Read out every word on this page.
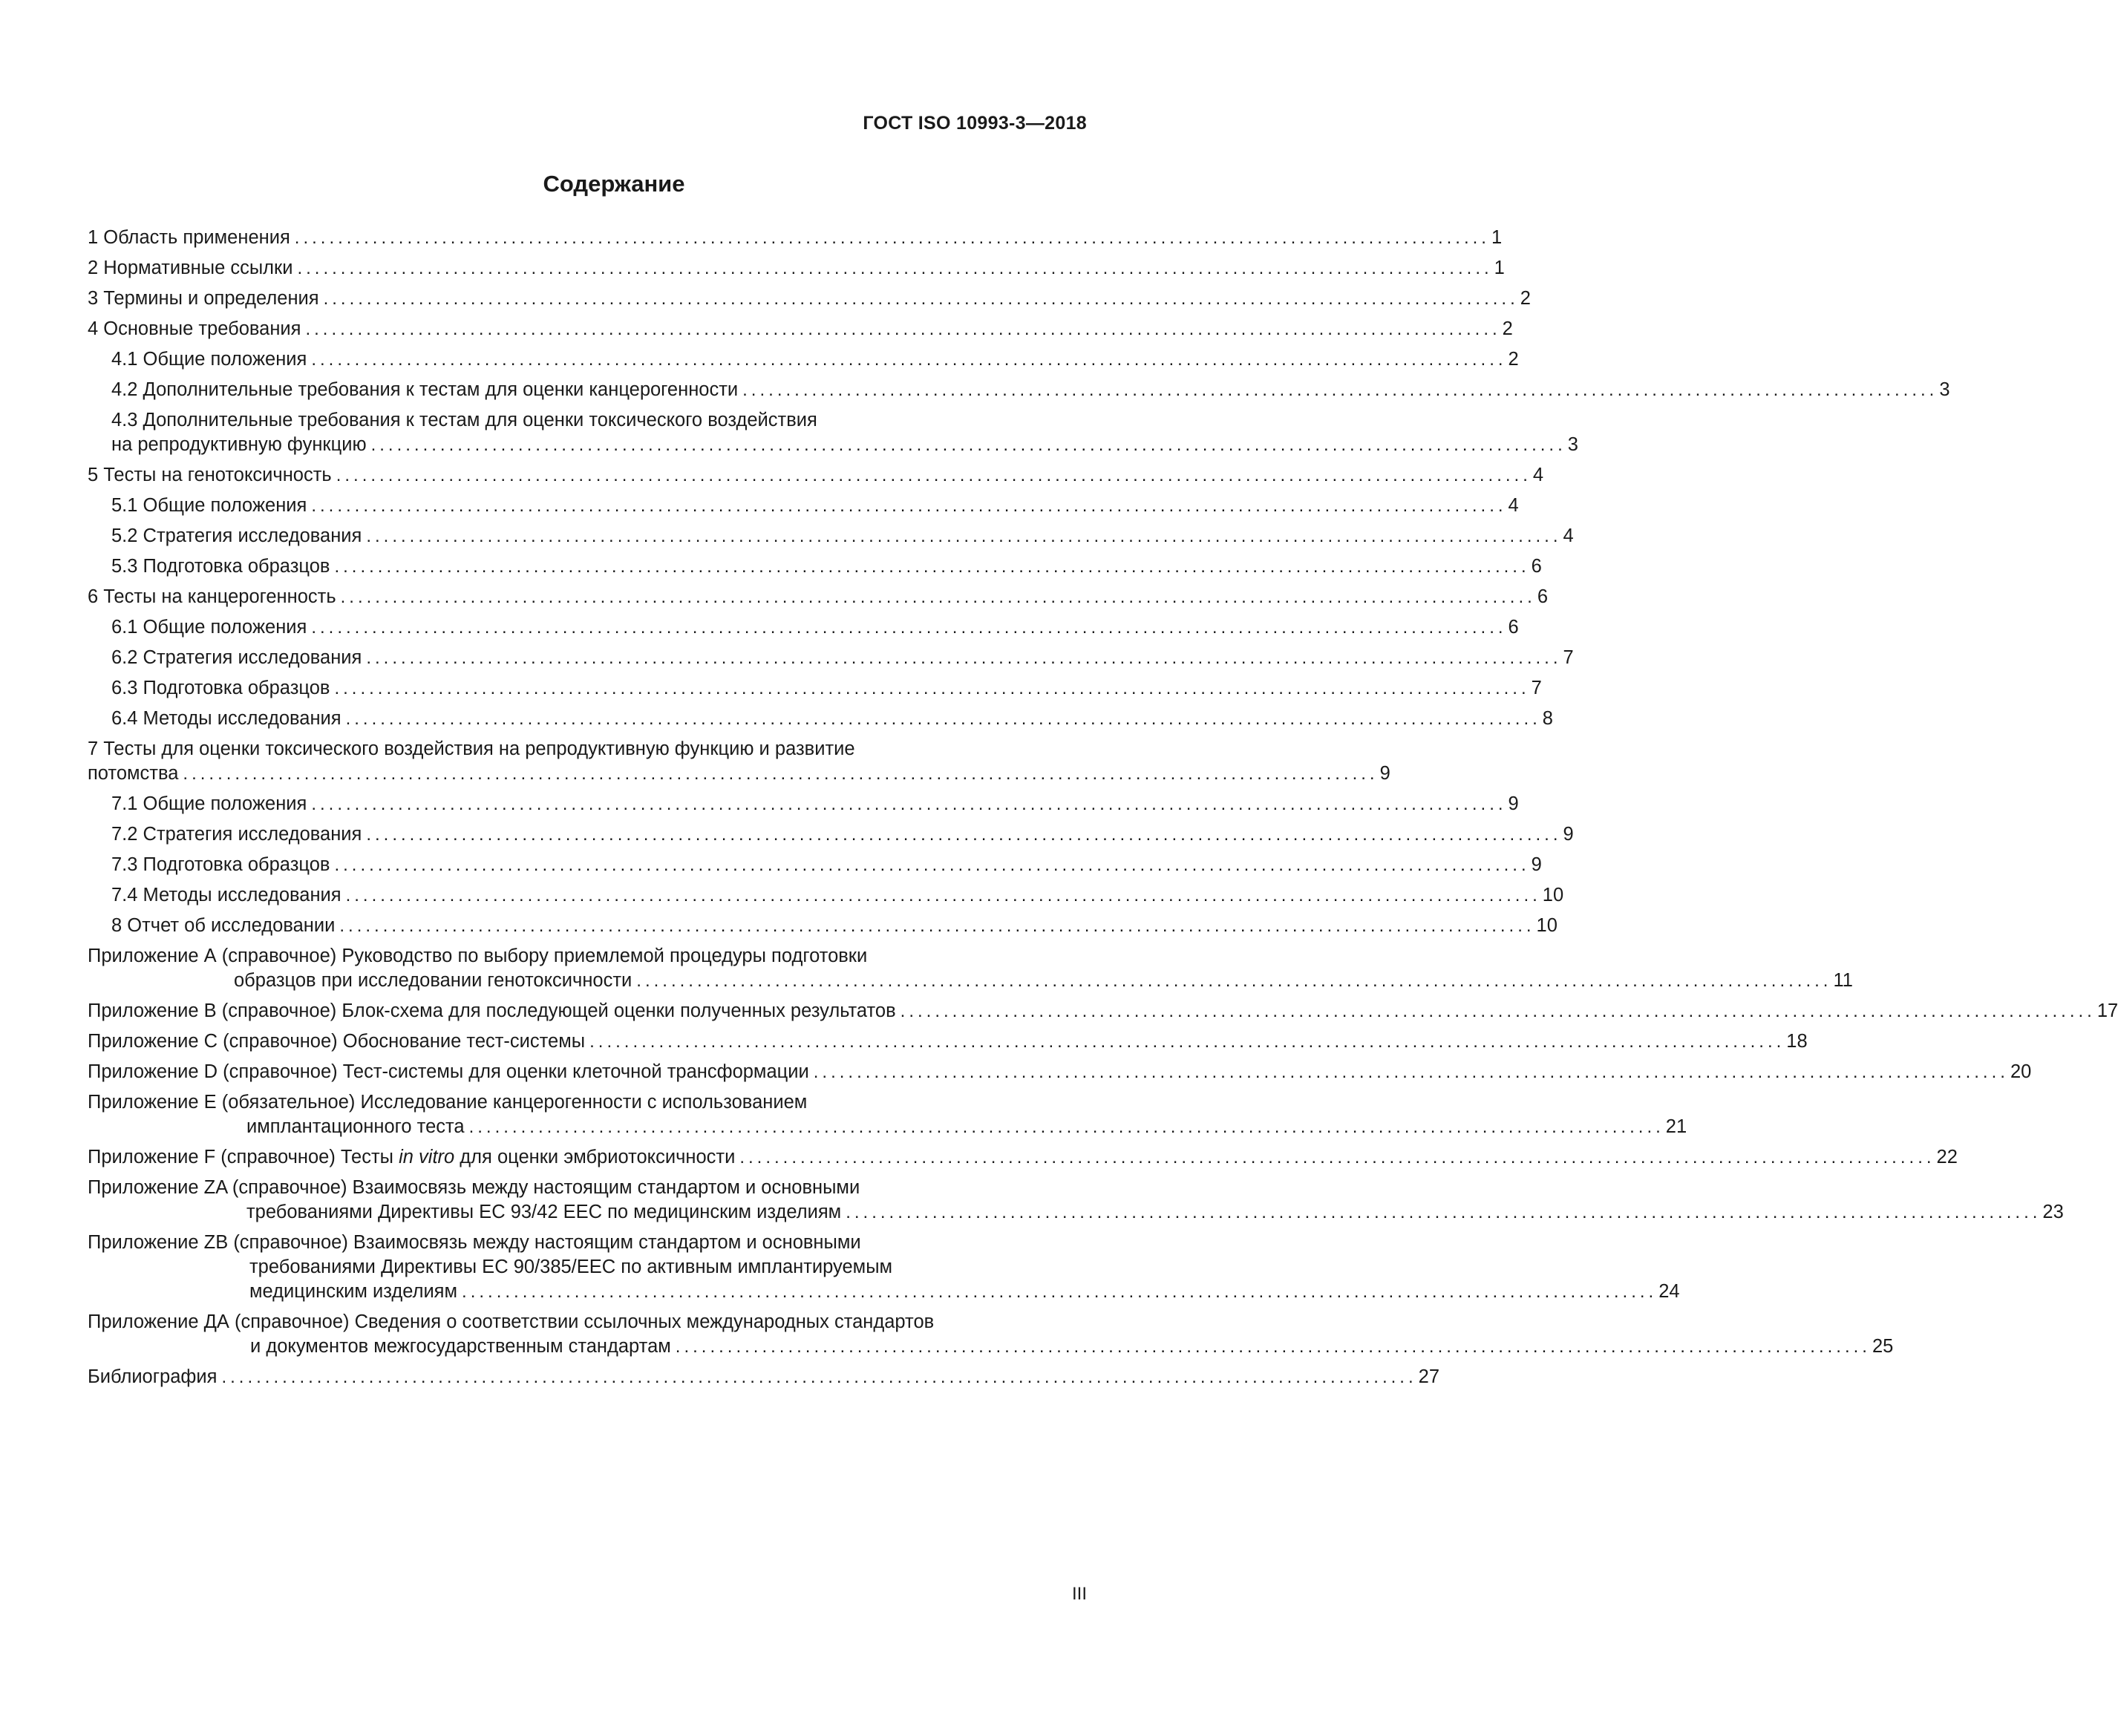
ГОСТ ISO 10993-3—2018
Содержание
1 Область применения .......................................................................................................................................... 1
2 Нормативные ссылки .......................................................................................................................................... 1
3 Термины и определения .......................................................................................................................................... 2
4 Основные требования .......................................................................................................................................... 2
4.1 Общие положения .......................................................................................................................................... 2
4.2 Дополнительные требования к тестам для оценки канцерогенности .......................................................................................................................................... 3
4.3 Дополнительные требования к тестам для оценки токсического воздействия
на репродуктивную функцию .......................................................................................................................................... 3
5 Тесты на генотоксичность .......................................................................................................................................... 4
5.1 Общие положения .......................................................................................................................................... 4
5.2 Стратегия исследования .......................................................................................................................................... 4
5.3 Подготовка образцов .......................................................................................................................................... 6
6 Тесты на канцерогенность .......................................................................................................................................... 6
6.1 Общие положения .......................................................................................................................................... 6
6.2 Стратегия исследования .......................................................................................................................................... 7
6.3 Подготовка образцов .......................................................................................................................................... 7
6.4 Методы исследования .......................................................................................................................................... 8
7 Тесты для оценки токсического воздействия на репродуктивную функцию и развитие
потомства .......................................................................................................................................... 9
7.1 Общие положения .......................................................................................................................................... 9
7.2 Стратегия исследования .......................................................................................................................................... 9
7.3 Подготовка образцов .......................................................................................................................................... 9
7.4 Методы исследования .......................................................................................................................................... 10
8 Отчет об исследовании .......................................................................................................................................... 10
Приложение А (справочное) Руководство по выбору приемлемой процедуры подготовки
образцов при исследовании генотоксичности .......................................................................................................................................... 11
Приложение В (справочное) Блок-схема для последующей оценки полученных результатов .......................................................................................................................................... 17
Приложение С (справочное) Обоснование тест-системы .......................................................................................................................................... 18
Приложение D (справочное) Тест-системы для оценки клеточной трансформации .......................................................................................................................................... 20
Приложение Е (обязательное) Исследование канцерогенности с использованием
имплантационного теста .......................................................................................................................................... 21
Приложение F (справочное) Тесты in vitro для оценки эмбриотоксичности .......................................................................................................................................... 22
Приложение ZA (справочное) Взаимосвязь между настоящим стандартом и основными
требованиями Директивы ЕС 93/42 ЕЕС по медицинским изделиям .......................................................................................................................................... 23
Приложение ZB (справочное) Взаимосвязь между настоящим стандартом и основными
требованиями Директивы ЕС 90/385/ЕЕС по активным имплантируемым
медицинским изделиям .......................................................................................................................................... 24
Приложение ДА (справочное) Сведения о соответствии ссылочных международных стандартов
и документов межгосударственным стандартам .......................................................................................................................................... 25
Библиография .......................................................................................................................................... 27
III
